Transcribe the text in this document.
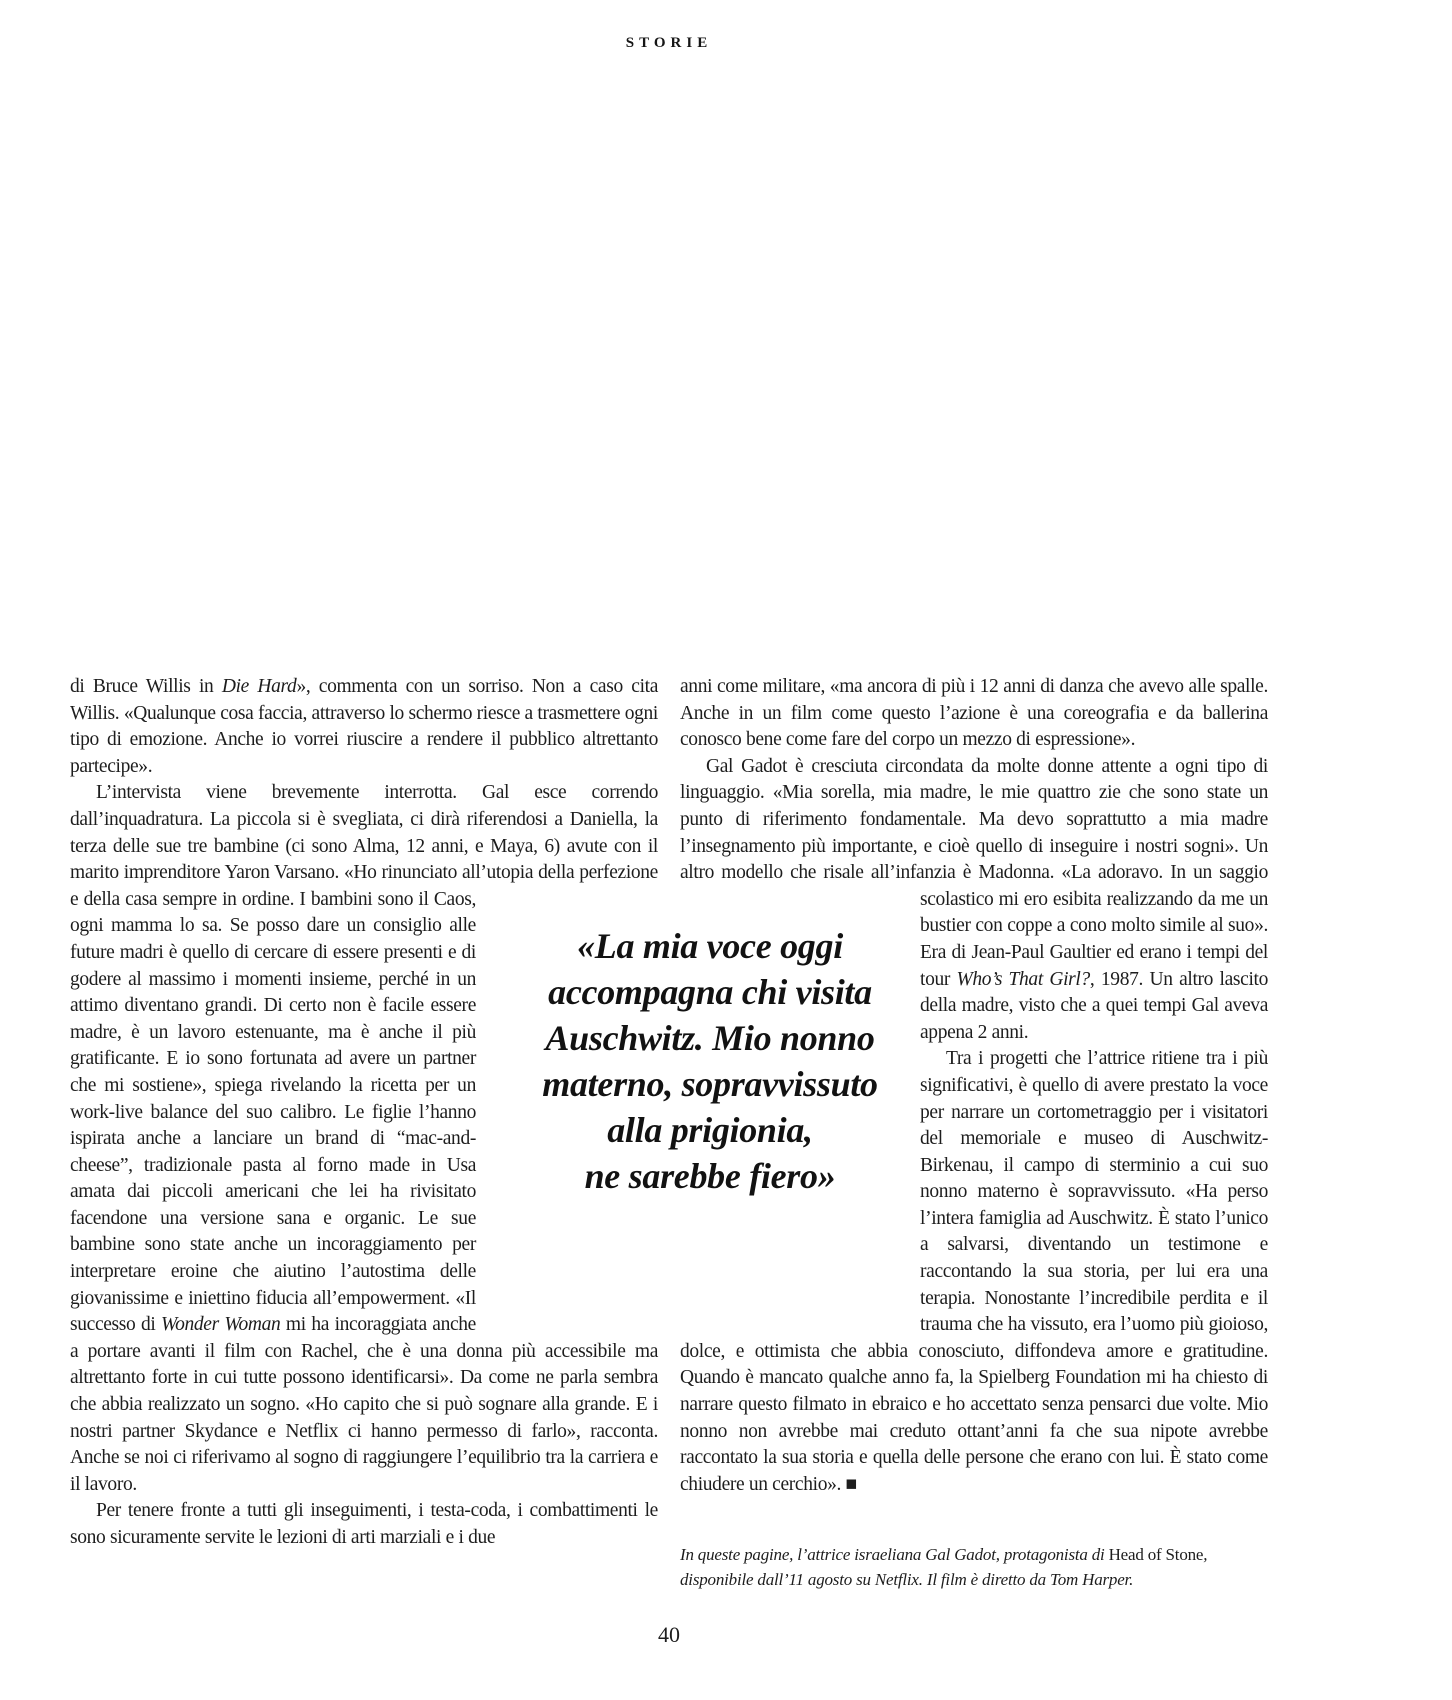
STORIE

di Bruce Willis in Die Hard», commenta con un sorriso. Non a caso cita Willis. «Qualunque cosa faccia, attraverso lo schermo riesce a trasmettere ogni tipo di emozione. Anche io vorrei riuscire a rendere il pubblico altrettanto partecipe».

L’intervista viene brevemente interrotta. Gal esce correndo dall’inquadratura. La piccola si è svegliata, ci dirà riferendosi a Daniella, la terza delle sue tre bambine (ci sono Alma, 12 anni, e Maya, 6) avute con il marito imprenditore Yaron Varsano. «Ho rinunciato all’utopia della perfezione e della casa sempre in ordine. I bambini sono il Caos,
ogni mamma lo sa. Se posso dare un consiglio alle future madri è quello di cercare di essere presenti e di godere al massimo i momenti insieme, perché in un attimo diventano grandi. Di certo non è facile essere madre, è un lavoro estenuante, ma è anche il più gratificante. E io sono fortunata ad avere un partner che mi sostiene», spiega rivelando la ricetta per un work-live balance del suo calibro. Le figlie l’hanno ispirata anche a lanciare un brand di “mac-and-cheese”, tradizionale pasta al forno made in Usa amata dai piccoli americani che lei ha rivisitato facendone una versione sana e organic. Le sue bambine sono state anche un incoraggiamento per interpretare eroine che aiutino l’autostima delle giovanissime e iniettino fiducia all’empowerment. «Il successo di Wonder Woman mi ha incoraggiata anche a portare avanti il film con Rachel, che è una donna più accessibile ma altrettanto forte in cui tutte possono identificarsi». Da come ne parla sembra che abbia realizzato un sogno. «Ho capito che si può sognare alla grande. E i nostri partner Skydance e Netflix ci hanno permesso di farlo», racconta. Anche se noi ci riferivamo al sogno di raggiungere l’equilibrio tra la carriera e il lavoro.

Per tenere fronte a tutti gli inseguimenti, i testa-coda, i combattimenti le sono sicuramente servite le lezioni di arti marziali e i due

anni come militare, «ma ancora di più i 12 anni di danza che avevo alle spalle. Anche in un film come questo l’azione è una coreografia e da ballerina conosco bene come fare del corpo un mezzo di espressione».

Gal Gadot è cresciuta circondata da molte donne attente a ogni tipo di linguaggio. «Mia sorella, mia madre, le mie quattro zie che sono state un punto di riferimento fondamentale. Ma devo soprattutto a mia madre l’insegnamento più importante, e cioè quello di inseguire i nostri sogni». Un altro modello che risale all’infanzia è Madonna. «La adoravo. In un saggio scolastico mi ero esibita realizzando da
me un bustier con coppe a cono molto simile al suo». Era di Jean-Paul Gaultier ed erano i tempi del tour Who’s That Girl?, 1987. Un altro lascito della madre, visto che a quei tempi Gal aveva appena 2 anni.

Tra i progetti che l’attrice ritiene tra i più significativi, è quello di avere prestato la voce per narrare un cortometraggio per i visitatori del memoriale e museo di Auschwitz-Birkenau, il campo di sterminio a cui suo nonno materno è sopravvissuto. «Ha perso l’intera famiglia ad Auschwitz. È stato l’unico a salvarsi, diventando un testimone e raccontando la sua storia, per lui era una terapia. Nonostante l’incredibile perdita e il trauma che ha vissuto, era l’uomo più gioioso, dolce, e ottimista che abbia conosciuto, diffondeva amore e gratitudine. Quando è mancato qualche anno fa, la Spielberg Foundation mi ha chiesto di narrare questo filmato in ebraico e ho accettato senza pensarci due volte. Mio nonno non avrebbe mai creduto ottant’anni fa che sua nipote avrebbe raccontato la sua storia e quella delle persone che erano con lui. È stato come chiudere un cerchio». ■

«La mia voce oggi
accompagna chi visita
Auschwitz. Mio nonno
materno, sopravvissuto
alla prigionia,
ne sarebbe fiero»
In queste pagine, l’attrice israeliana Gal Gadot, protagonista di Head of Stone, disponibile dall’11 agosto su Netflix. Il film è diretto da Tom Harper.
40
